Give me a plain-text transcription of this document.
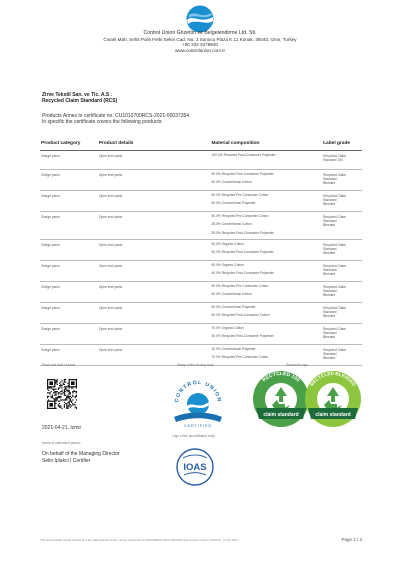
Control Union Gözetim ve Belgelendirme Ltd. Sti.
Cinarli Mah. Sehit Polis Fethi Sekin Cad. No: 3 Sunucu Plaza K:11 Konak, 35040, Izmir, Turkey
+90 232 3479920
www.controlunion.com.tr
Zirve Tekstil San. ve Tic. A.S .
Recycled Claim Standard (RCS)
Products Annex to certificate no. CU1010700RCS-2021-00037354
In specific the certificate covers the following products:
Product category	Product details	Material composition	Label grade
Greige yarns	Open end yarns	100.0% Recycled Post-Consumer Polyester	Recycled Claim
Standard 100
Greige yarns	Open end yarns	50.0% Recycled Post-Consumer Polyester
50.0% Conventional Cotton
Recycled Claim
Standard
Blended
Greige yarns	Open end yarns	50.0% Recycled Pre-Consumer Cotton
50.0% Conventional Polyester
Recycled Claim
Standard
Blended
Greige yarns	Open end yarns	50.0% Recycled Pre-Consumer Cotton
25.0% Conventional Cotton
25.0% Recycled Post-Consumer Polyester
Recycled Claim
Standard
Blended
Greige yarns	Open end yarns	50.0% Organic Cotton
50.0% Recycled Post-Consumer Polyester
Recycled Claim
Standard
Blended
Greige yarns	Open end yarns	60.0% Organic Cotton
40.0% Recycled Post-Consumer Polyester
Recycled Claim
Standard
Blended
Greige yarns	Open end yarns	50.0% Recycled Pre-Consumer Cotton
50.0% Conventional Cotton
Recycled Claim
Standard
Blended
Greige yarns	Open end yarns	50.0% Conventional Polyester
50.0% Recycled Post-Consumer Cotton
Recycled Claim
Standard
Blended
Greige yarns	Open end yarns	70.0% Organic Cotton
30.0% Recycled Post-Consumer Polyester
Recycled Claim
Standard
Blended
Greige yarns	Open end yarns	30.0% Conventional Polyester
70.0% Recycled Pre-Consumer Cotton
Recycled Claim
Standard
Blended
Place and date of issue
2021-04-21, Izmir
Name of authorized person
On behalf of the Managing Director
Selin Iplakci | Certifier
Stamp of the issuing body	Standard's logo
Logo of the accreditation body
CONTROL UNION
CERTIFIED
IOAS
RECYCLED 100
claim standard
RECYCLED BLENDED
claim standard
This electronically issued document is the valid original version. Scope Certificate CU1010700RCS-2021-00037354 and License number 1010700 , 21 Apr 2021	Page 2 / 3
